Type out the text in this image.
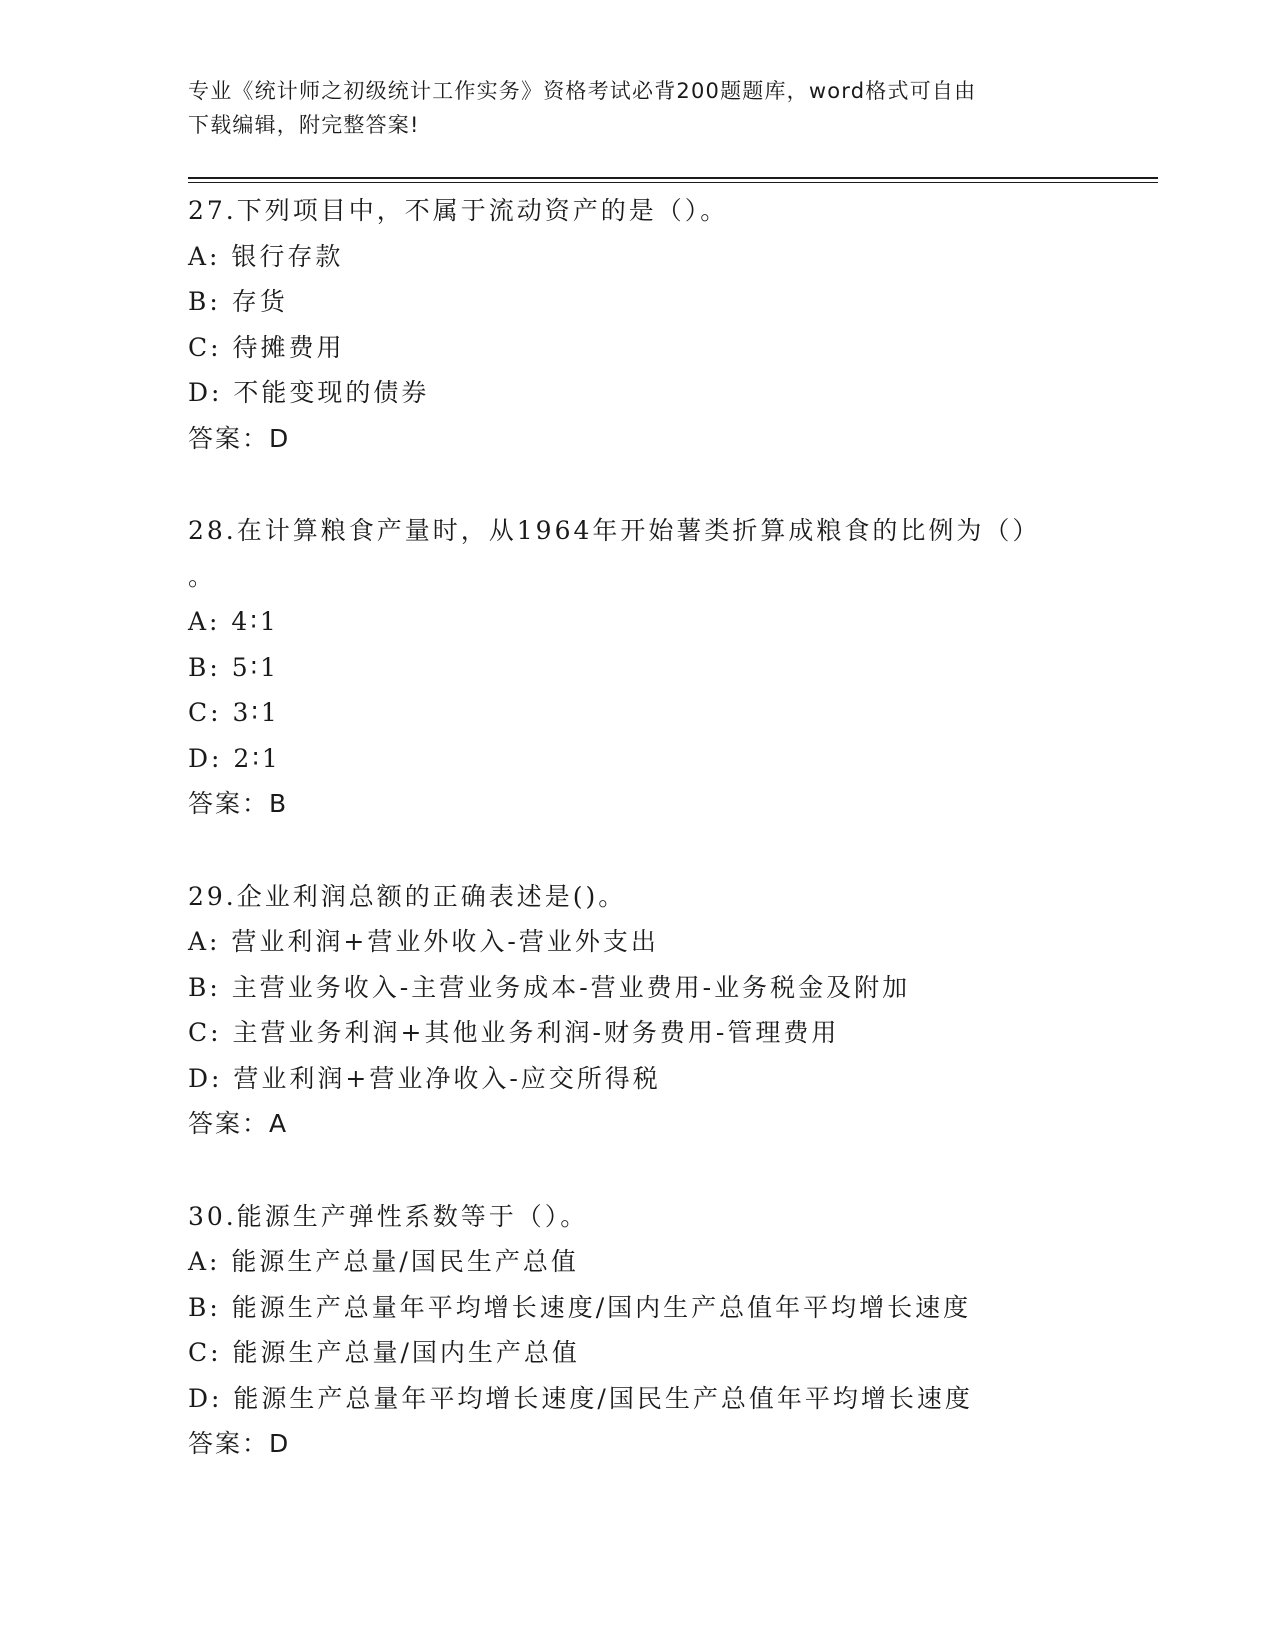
专业《统计师之初级统计工作实务》资格考试必背200题题库，word格式可自由
下载编辑，附完整答案!
27.下列项目中，不属于流动资产的是（）。
A: 银行存款
B: 存货
C: 待摊费用
D: 不能变现的债券
答案：D
28.在计算粮食产量时，从1964年开始薯类折算成粮食的比例为（）
。
A: 4∶1
B: 5∶1
C: 3∶1
D: 2∶1
答案：B
29.企业利润总额的正确表述是()。
A: 营业利润+营业外收入-营业外支出
B: 主营业务收入-主营业务成本-营业费用-业务税金及附加
C: 主营业务利润+其他业务利润-财务费用-管理费用
D: 营业利润+营业净收入-应交所得税
答案：A
30.能源生产弹性系数等于（）。
A: 能源生产总量/国民生产总值
B: 能源生产总量年平均增长速度/国内生产总值年平均增长速度
C: 能源生产总量/国内生产总值
D: 能源生产总量年平均增长速度/国民生产总值年平均增长速度
答案：D
